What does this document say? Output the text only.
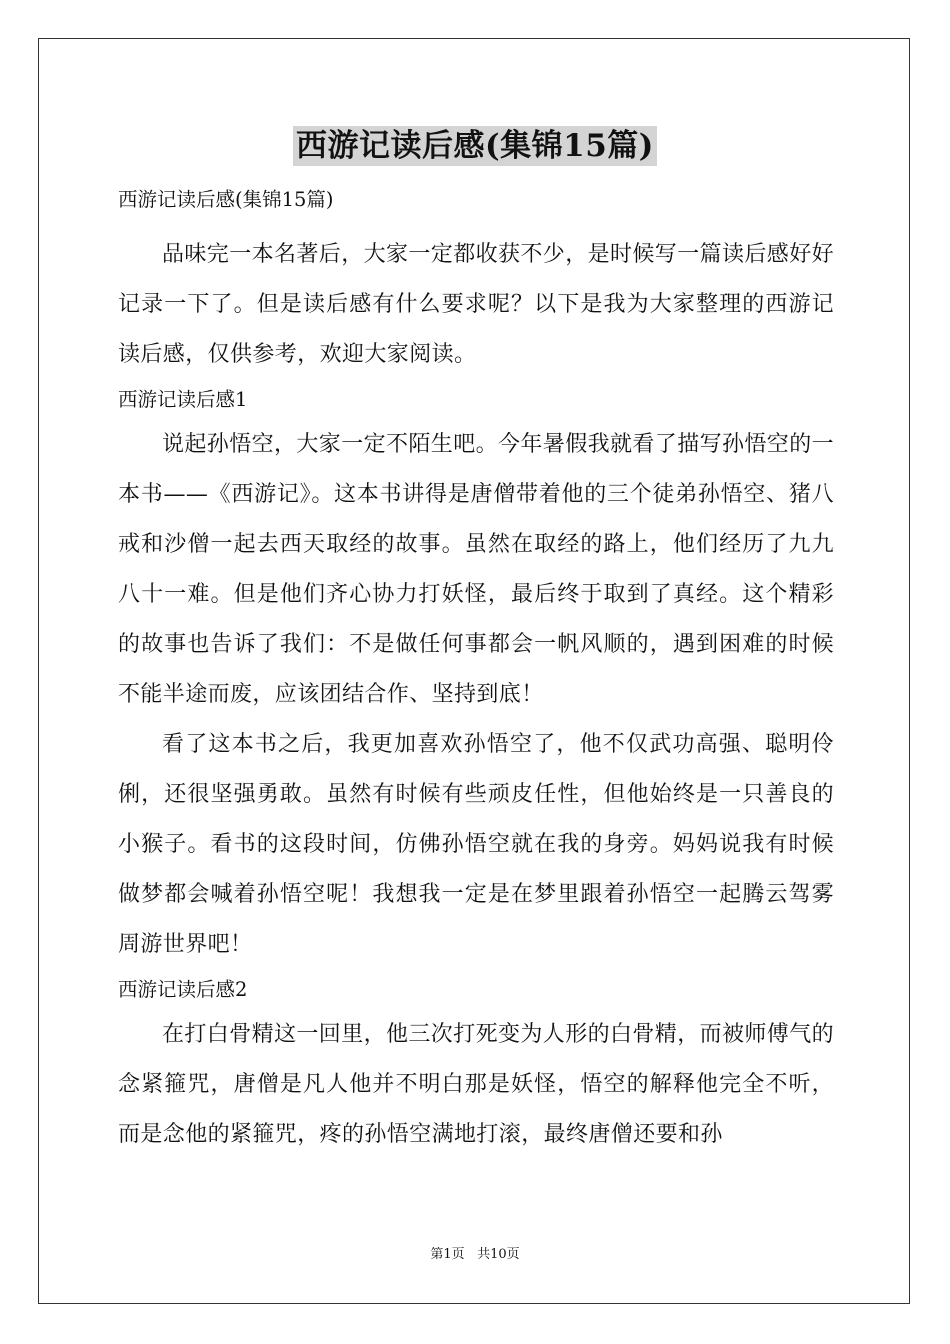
西游记读后感(集锦15篇)

西游记读后感(集锦15篇)

品味完一本名著后，大家一定都收获不少，是时候写一篇读后感好好记录一下了。但是读后感有什么要求呢？以下是我为大家整理的西游记读后感，仅供参考，欢迎大家阅读。

西游记读后感1

说起孙悟空，大家一定不陌生吧。今年暑假我就看了描写孙悟空的一本书——《西游记》。这本书讲得是唐僧带着他的三个徒弟孙悟空、猪八戒和沙僧一起去西天取经的故事。虽然在取经的路上，他们经历了九九八十一难。但是他们齐心协力打妖怪，最后终于取到了真经。这个精彩的故事也告诉了我们：不是做任何事都会一帆风顺的，遇到困难的时候不能半途而废，应该团结合作、坚持到底！

看了这本书之后，我更加喜欢孙悟空了，他不仅武功高强、聪明伶俐，还很坚强勇敢。虽然有时候有些顽皮任性，但他始终是一只善良的小猴子。看书的这段时间，仿佛孙悟空就在我的身旁。妈妈说我有时候做梦都会喊着孙悟空呢！我想我一定是在梦里跟着孙悟空一起腾云驾雾周游世界吧！

西游记读后感2

在打白骨精这一回里，他三次打死变为人形的白骨精，而被师傅气的念紧箍咒，唐僧是凡人他并不明白那是妖怪，悟空的解释他完全不听，而是念他的紧箍咒，疼的孙悟空满地打滚，最终唐僧还要和孙

第1页 共10页
